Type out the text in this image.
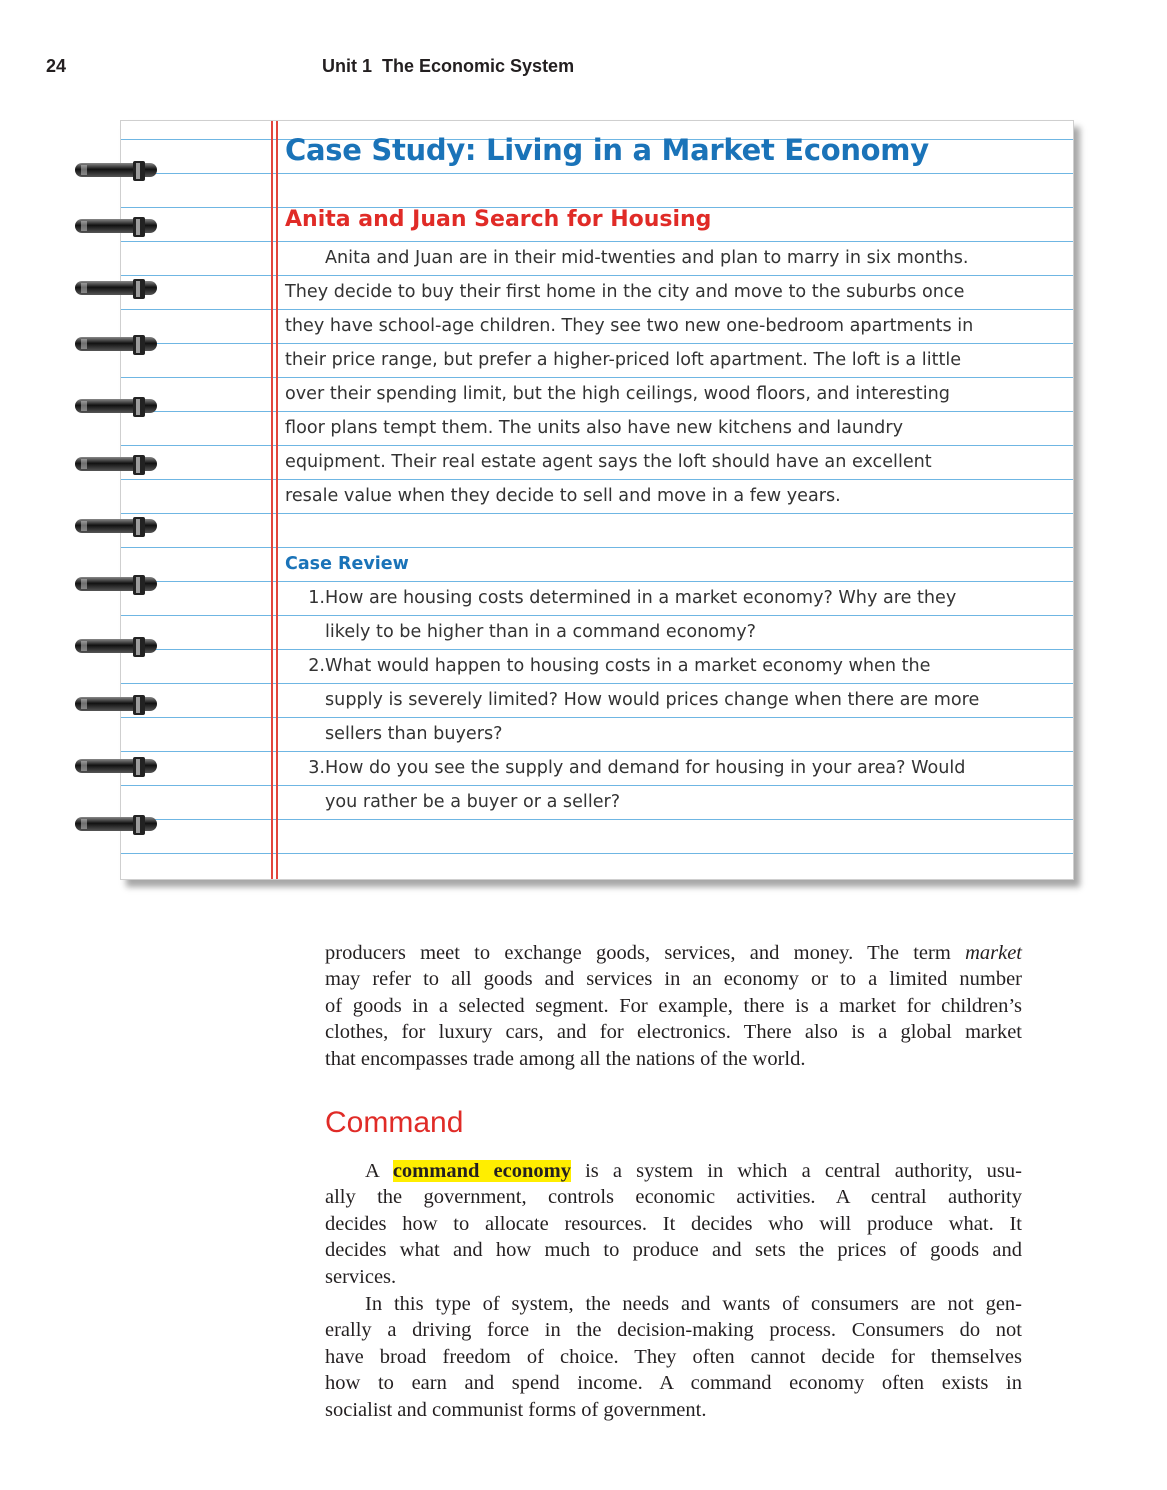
24	Unit 1 The Economic System
Case Study: Living in a Market Economy
Anita and Juan Search for Housing
Anita and Juan are in their mid-twenties and plan to marry in six months.
They decide to buy their first home in the city and move to the suburbs once
they have school-age children. They see two new one-bedroom apartments in
their price range, but prefer a higher-priced loft apartment. The loft is a little
over their spending limit, but the high ceilings, wood floors, and interesting
floor plans tempt them. The units also have new kitchens and laundry
equipment. Their real estate agent says the loft should have an excellent
resale value when they decide to sell and move in a few years.
Case Review
1. How are housing costs determined in a market economy? Why are they
likely to be higher than in a command economy?
2. What would happen to housing costs in a market economy when the
supply is severely limited? How would prices change when there are more
sellers than buyers?
3. How do you see the supply and demand for housing in your area? Would
you rather be a buyer or a seller?
producers meet to exchange goods, services, and money. The term market
may refer to all goods and services in an economy or to a limited number
of goods in a selected segment. For example, there is a market for children’s
clothes, for luxury cars, and for electronics. There also is a global market
that encompasses trade among all the nations of the world.
Command
A command economy is a system in which a central authority, usu-
ally the government, controls economic activities. A central authority
decides how to allocate resources. It decides who will produce what. It
decides what and how much to produce and sets the prices of goods and
services.
In this type of system, the needs and wants of consumers are not gen-
erally a driving force in the decision-making process. Consumers do not
have broad freedom of choice. They often cannot decide for themselves
how to earn and spend income. A command economy often exists in
socialist and communist forms of government.
